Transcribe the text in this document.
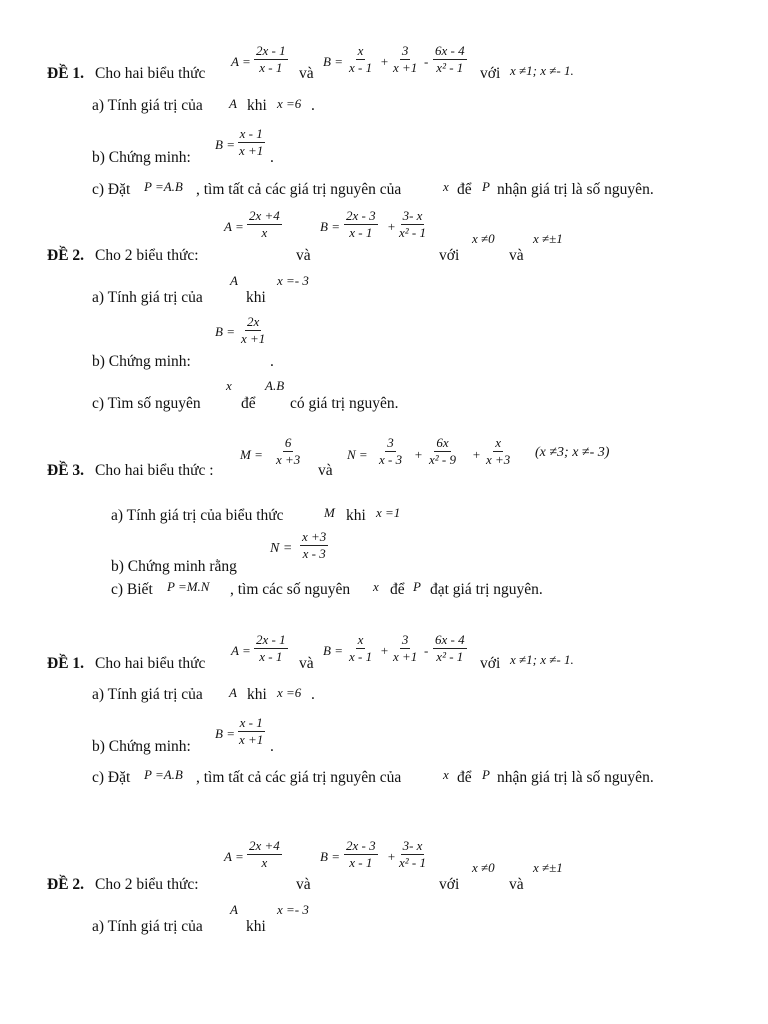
ĐỀ 1. Cho hai biểu thức
$A = \frac{2x - 1}{x - 1}$ và
$B = \frac{x}{x - 1} + \frac{3}{x +1} - \frac{6x - 4}{\text{x² - 1}}$ với x ≠1; x ≠- 1.
a) Tính giá trị của A khi x =6 .
b) Chứng minh:
$B = \frac{x - 1}{x +1}$ .
c) Đặt P =A.B , tìm tất cả các giá trị nguyên của	x để P nhận giá trị là số nguyên.
$A = \frac{2x +4}{x}$	$B = \frac{2x - 3}{x - 1} + \frac{3- x}{\text{x² - 1}}$	x ≠0	x ≠±1
ĐỀ 2. Cho 2 biểu thức:	và	với	và
A	x =- 3
a) Tính giá trị của	khi
$B = \frac{2x}{x +1}$
b) Chứng minh:	.
x	A.B
c) Tìm số nguyên	để có giá trị nguyên.
$M = \frac{6}{x +3}$	$N = \frac{3}{x - 3} + \frac{6x}{\text{x² - 9}} + \frac{x}{x +3} (x \ne 3$; x ≠- 3)
ĐỀ 3. Cho hai biểu thức :	và
a) Tính giá trị của biểu thức	M khi x =1
$N = \frac{x +3}{x - 3}$
b) Chứng minh rằng
c) Biết P =M.N , tìm các số nguyên x để P đạt giá trị nguyên.
ĐỀ 1. Cho hai biểu thức
$A = \frac{2x - 1}{x - 1}$ và
$B = \frac{x}{x - 1} + \frac{3}{x +1} - \frac{6x - 4}{\text{x² - 1}}$ với x ≠1; x ≠- 1.
a) Tính giá trị của A khi x =6 .
b) Chứng minh:
$B = \frac{x - 1}{x +1}$ .
c) Đặt P =A.B , tìm tất cả các giá trị nguyên của	x để P nhận giá trị là số nguyên.
$A = \frac{2x +4}{x}$	$B = \frac{2x - 3}{x - 1} + \frac{3- x}{\text{x² - 1}}$	x ≠0	x ≠±1
ĐỀ 2. Cho 2 biểu thức:	và	với	và
A	x =- 3
a) Tính giá trị của	khi
